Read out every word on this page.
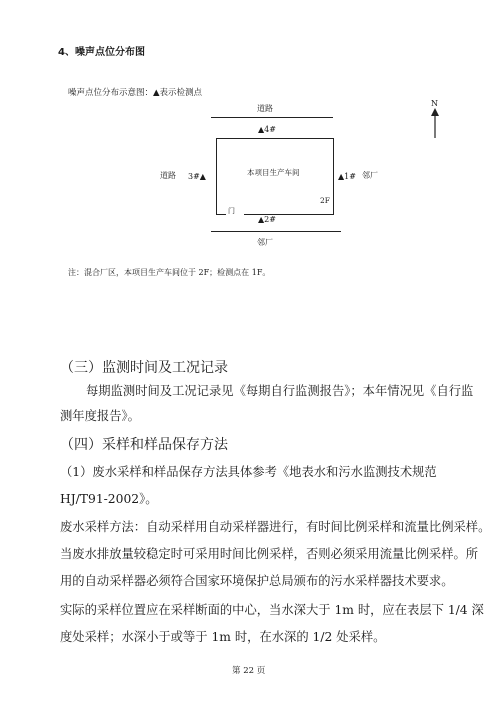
4、噪声点位分布图
噪声点位分布示意图：▲表示检测点
道路
▲4#
道路 3#▲
门
本项目生产车间
2F
▲1# 邻厂
▲2#
邻厂
N
注：混合厂区，本项目生产车间位于 2F；检测点在 1F。
（三）监测时间及工况记录
每期监测时间及工况记录见《每期自行监测报告》；本年情况见《自行监
测年度报告》。
（四）采样和样品保存方法
（1）废水采样和样品保存方法具体参考《地表水和污水监测技术规范
HJ/T91-2002》。
废水采样方法：自动采样用自动采样器进行，有时间比例采样和流量比例采样。
当废水排放量较稳定时可采用时间比例采样，否则必须采用流量比例采样。所
用的自动采样器必须符合国家环境保护总局颁布的污水采样器技术要求。
实际的采样位置应在采样断面的中心，当水深大于 1m 时，应在表层下 1/4 深
度处采样；水深小于或等于 1m 时，在水深的 1/2 处采样。
第 22 页
